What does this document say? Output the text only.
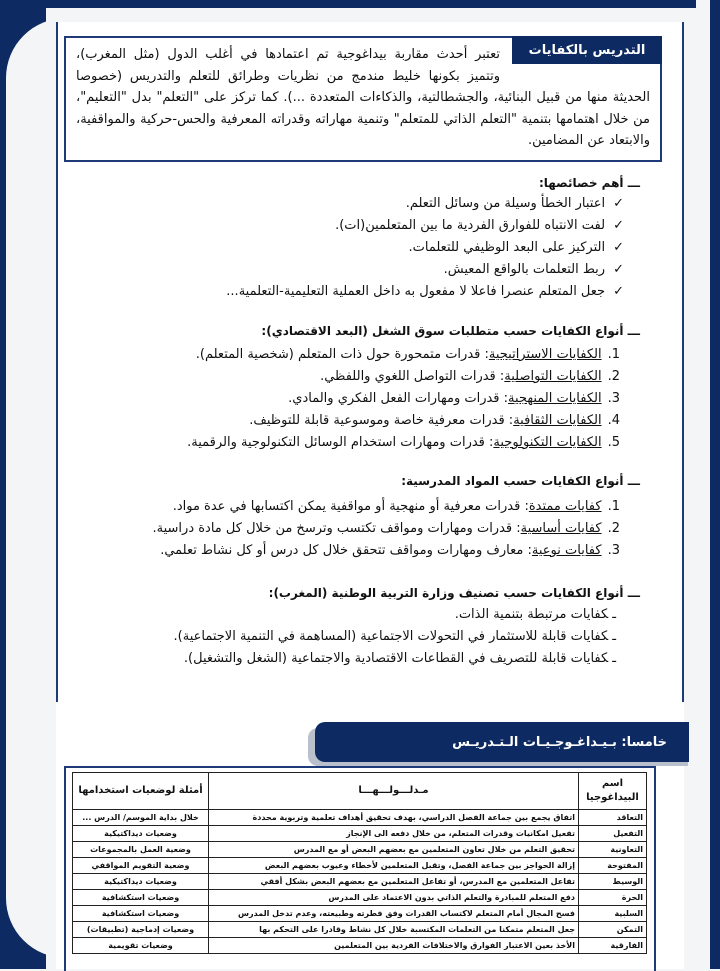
التدريس بالكفايات

تعتبر أحدث مقاربة بيداغوجية تم اعتمادها في أغلب الدول (مثل المغرب)، وتتميز بكونها خليط مندمج من نظريات وطرائق للتعلم والتدريس (خصوصا الحديثة منها من قبيل البنائية، والجشطالتية، والذكاءات المتعددة ...). كما تركز على "التعلم" بدل "التعليم"، من خلال اهتمامها بتنمية "التعلم الذاتي للمتعلم" وتنمية مهاراته وقدراته المعرفية والحس-حركية والمواقفية، والابتعاد عن المضامين.

ـــ أهم خصائصها:
✓ اعتبار الخطأ وسيلة من وسائل التعلم.
✓ لفت الانتباه للفوارق الفردية ما بين المتعلمين(ات).
✓ التركيز على البعد الوظيفي للتعلمات.
✓ ربط التعلمات بالواقع المعيش.
✓ جعل المتعلم عنصرا فاعلا لا مفعول به داخل العملية التعليمية-التعلمية...
ـــ أنواع الكفايات حسب متطلبات سوق الشغل (البعد الاقتصادي):
1.الكفايات الاستراتيجية: قدرات متمحورة حول ذات المتعلم (شخصية المتعلم).
2.الكفايات التواصلية: قدرات التواصل اللغوي واللفظي.
3.الكفايات المنهجية: قدرات ومهارات الفعل الفكري والمادي.
4.الكفايات الثقافية: قدرات معرفية خاصة وموسوعية قابلة للتوظيف.
5.الكفايات التكنولوجية: قدرات ومهارات استخدام الوسائل التكنولوجية والرقمية.
ـــ أنواع الكفايات حسب المواد المدرسية:
1.كفايات ممتدة: قدرات معرفية أو منهجية أو مواقفية يمكن اكتسابها في عدة مواد.
2.كفايات أساسية: قدرات ومهارات ومواقف تكتسب وترسخ من خلال كل مادة دراسية.
3.كفايات نوعية: معارف ومهارات ومواقف تتحقق خلال كل درس أو كل نشاط تعلمي.
ـــ أنواع الكفايات حسب تصنيف وزارة التربية الوطنية (المغرب):
ـ كفايات مرتبطة بتنمية الذات.
ـ كفايات قابلة للاستثمار في التحولات الاجتماعية (المساهمة في التنمية الاجتماعية).
ـ كفايات قابلة للتصريف في القطاعات الاقتصادية والاجتماعية (الشغل والتشغيل).
خامسا: بـيـداغـوجـيـات الـتـدريـس
اسم البيداغوجيا	مـدلـــولـــهـــا	أمثلة لوضعيات استخدامها
التعاقد	اتفاق يجمع بين جماعة الفصل الدراسي، بهدف تحقيق أهداف تعلمية وتربوية محددة	خلال بداية الموسم/ الدرس ...
التفعيل	تفعيل امكانيات وقدرات المتعلم، من خلال دفعه الى الإنجاز	وضعيات ديداكتيكية
التعاونية	تحقيق التعلم من خلال تعاون المتعلمين مع بعضهم البعض أو مع المدرس	وضعية العمل بالمجموعات
المفتوحة	إزالة الحواجز بين جماعة الفصل، وتقبل المتعلمين لأخطاء وعيوب بعضهم البعض	وضعية التقويم المواقفي
الوسيط	تفاعل المتعلمين مع المدرس، أو تفاعل المتعلمين مع بعضهم البعض بشكل أفقي	وضعيات ديداكتيكية
الحرة	دفع المتعلم للمبادرة والتعلم الذاتي بدون الاعتماد على المدرس	وضعيات استكشافية
السلبية	فسح المجال أمام المتعلم لاكتساب القدرات وفق فطرته وطبيعته، وعدم تدخل المدرس	وضعيات استكشافية
التمكن	جعل المتعلم متمكنا من التعلمات المكتسبة خلال كل نشاط وقادرا على التحكم بها	وضعيات إدماجية (تطبيقات)
الفارقية	الأخذ بعين الاعتبار الفوارق والاختلافات الفردية بين المتعلمين	وضعيات تقويمية
